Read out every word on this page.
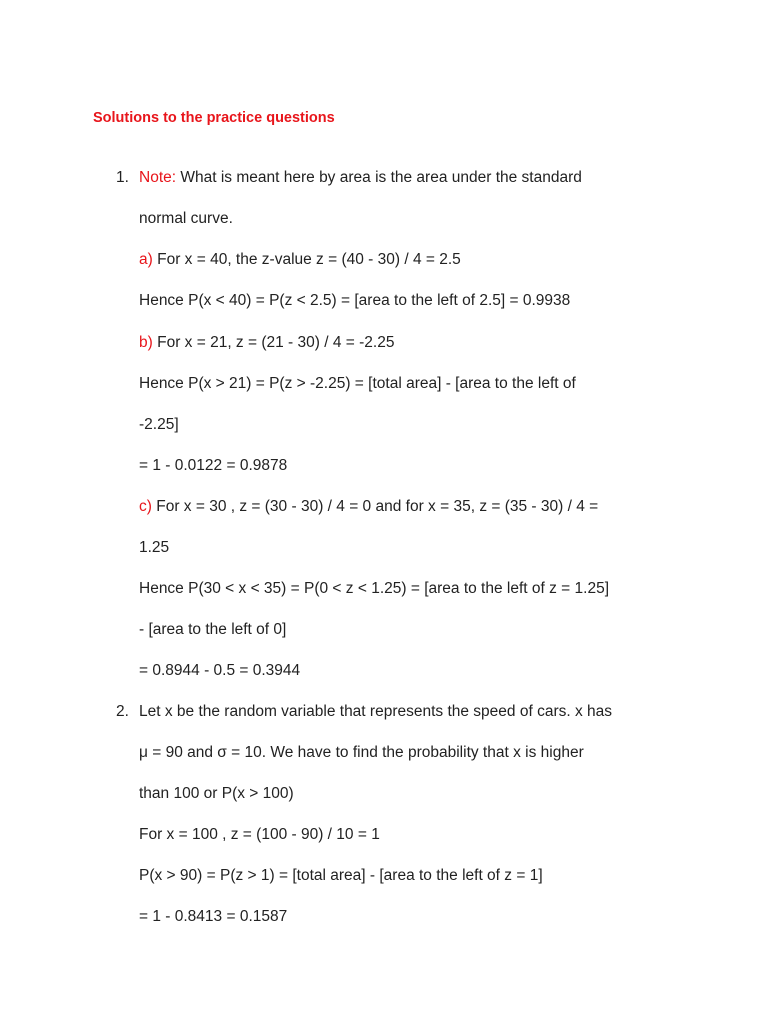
Solutions to the practice questions
1. Note: What is meant here by area is the area under the standard
normal curve.
a) For x = 40, the z-value z = (40 - 30) / 4 = 2.5
Hence P(x < 40) = P(z < 2.5) = [area to the left of 2.5] = 0.9938
b) For x = 21, z = (21 - 30) / 4 = -2.25
Hence P(x > 21) = P(z > -2.25) = [total area] - [area to the left of
-2.25]
= 1 - 0.0122 = 0.9878
c) For x = 30 , z = (30 - 30) / 4 = 0 and for x = 35, z = (35 - 30) / 4 =
1.25
Hence P(30 < x < 35) = P(0 < z < 1.25) = [area to the left of z = 1.25]
- [area to the left of 0]
= 0.8944 - 0.5 = 0.3944
2. Let x be the random variable that represents the speed of cars. x has
μ = 90 and σ = 10. We have to find the probability that x is higher
than 100 or P(x > 100)
For x = 100 , z = (100 - 90) / 10 = 1
P(x > 90) = P(z > 1) = [total area] - [area to the left of z = 1]
= 1 - 0.8413 = 0.1587
